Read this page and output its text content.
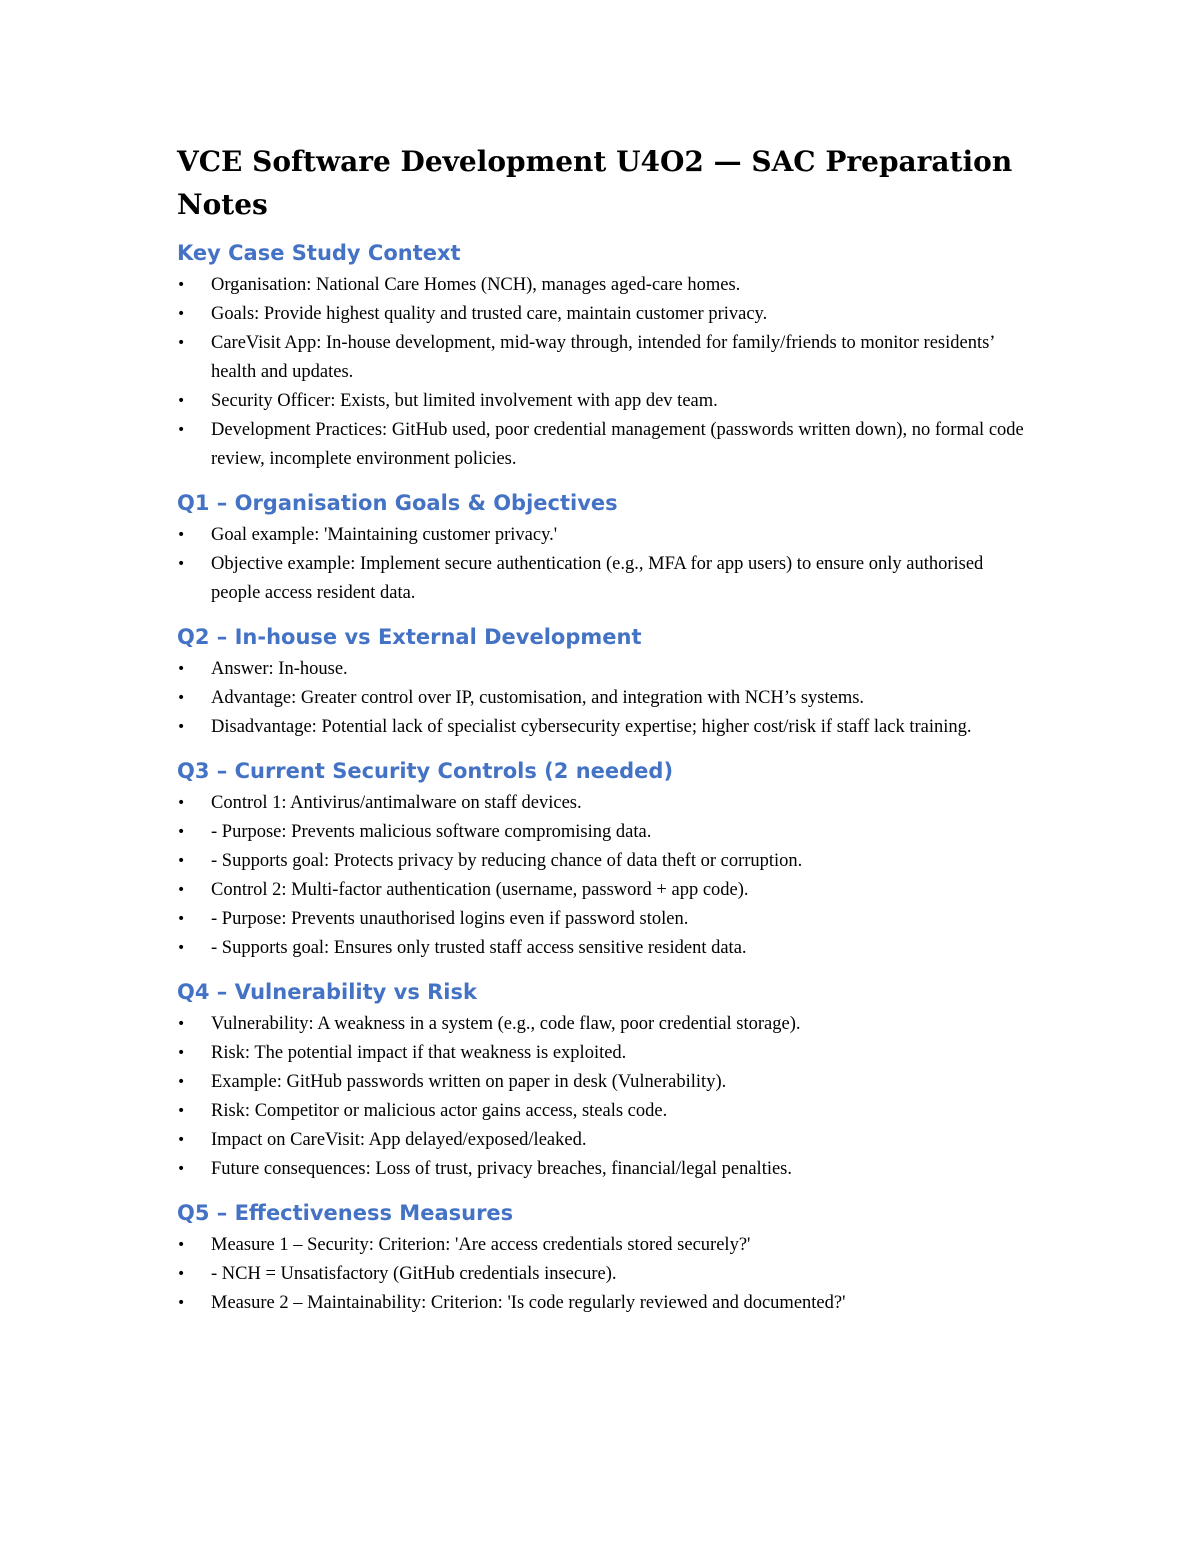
VCE Software Development U4O2 — SAC Preparation Notes
Key Case Study Context
• Organisation: National Care Homes (NCH), manages aged-care homes.
• Goals: Provide highest quality and trusted care, maintain customer privacy.
• CareVisit App: In-house development, mid-way through, intended for family/friends to monitor residents’ health and updates.
• Security Officer: Exists, but limited involvement with app dev team.
• Development Practices: GitHub used, poor credential management (passwords written down), no formal code review, incomplete environment policies.
Q1 – Organisation Goals & Objectives
• Goal example: 'Maintaining customer privacy.'
• Objective example: Implement secure authentication (e.g., MFA for app users) to ensure only authorised people access resident data.
Q2 – In-house vs External Development
• Answer: In-house.
• Advantage: Greater control over IP, customisation, and integration with NCH’s systems.
• Disadvantage: Potential lack of specialist cybersecurity expertise; higher cost/risk if staff lack training.
Q3 – Current Security Controls (2 needed)
• Control 1: Antivirus/antimalware on staff devices.
• - Purpose: Prevents malicious software compromising data.
• - Supports goal: Protects privacy by reducing chance of data theft or corruption.
• Control 2: Multi-factor authentication (username, password + app code).
• - Purpose: Prevents unauthorised logins even if password stolen.
• - Supports goal: Ensures only trusted staff access sensitive resident data.
Q4 – Vulnerability vs Risk
• Vulnerability: A weakness in a system (e.g., code flaw, poor credential storage).
• Risk: The potential impact if that weakness is exploited.
• Example: GitHub passwords written on paper in desk (Vulnerability).
• Risk: Competitor or malicious actor gains access, steals code.
• Impact on CareVisit: App delayed/exposed/leaked.
• Future consequences: Loss of trust, privacy breaches, financial/legal penalties.
Q5 – Effectiveness Measures
• Measure 1 – Security: Criterion: 'Are access credentials stored securely?'
• - NCH = Unsatisfactory (GitHub credentials insecure).
• Measure 2 – Maintainability: Criterion: 'Is code regularly reviewed and documented?'
